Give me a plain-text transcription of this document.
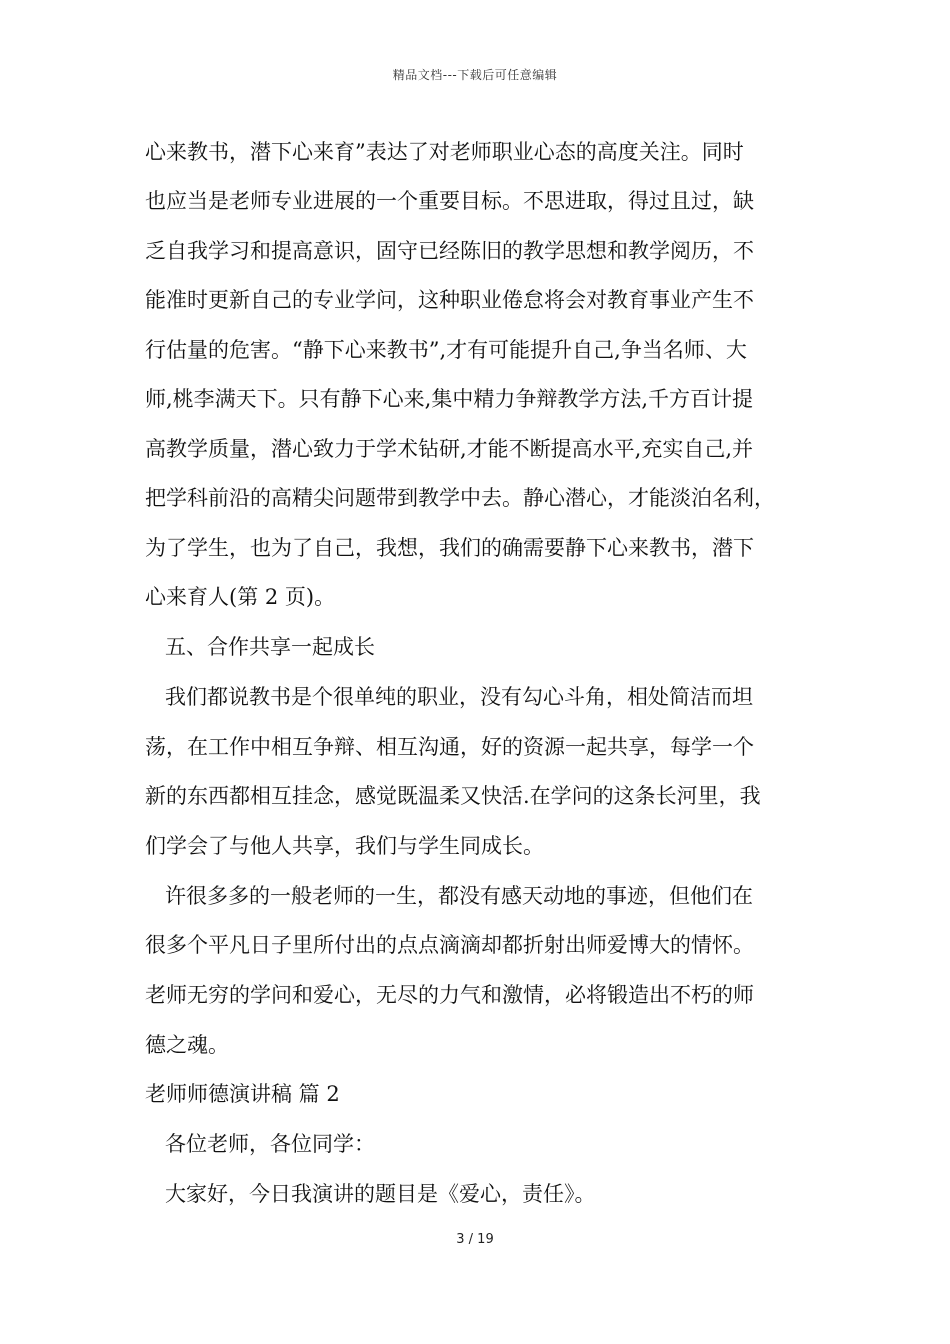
精品文档---下载后可任意编辑
心来教书，潜下心来育”表达了对老师职业心态的高度关注。同时
也应当是老师专业进展的一个重要目标。不思进取，得过且过，缺
乏自我学习和提高意识，固守已经陈旧的教学思想和教学阅历，不
能准时更新自己的专业学问，这种职业倦怠将会对教育事业产生不
行估量的危害。“静下心来教书”,才有可能提升自己,争当名师、大
师,桃李满天下。只有静下心来,集中精力争辩教学方法,千方百计提
高教学质量，潜心致力于学术钻研,才能不断提高水平,充实自己,并
把学科前沿的高精尖问题带到教学中去。静心潜心，才能淡泊名利，
为了学生，也为了自己，我想，我们的确需要静下心来教书，潜下
心来育人(第 2 页)。
五、合作共享一起成长
我们都说教书是个很单纯的职业，没有勾心斗角，相处简洁而坦
荡，在工作中相互争辩、相互沟通，好的资源一起共享，每学一个
新的东西都相互挂念，感觉既温柔又快活.在学问的这条长河里，我
们学会了与他人共享，我们与学生同成长。
许很多多的一般老师的一生，都没有感天动地的事迹，但他们在
很多个平凡日子里所付出的点点滴滴却都折射出师爱博大的情怀。
老师无穷的学问和爱心，无尽的力气和激情，必将锻造出不朽的师
德之魂。
老师师德演讲稿 篇 2
各位老师，各位同学：
大家好，今日我演讲的题目是《爱心，责任》。
3 / 19
